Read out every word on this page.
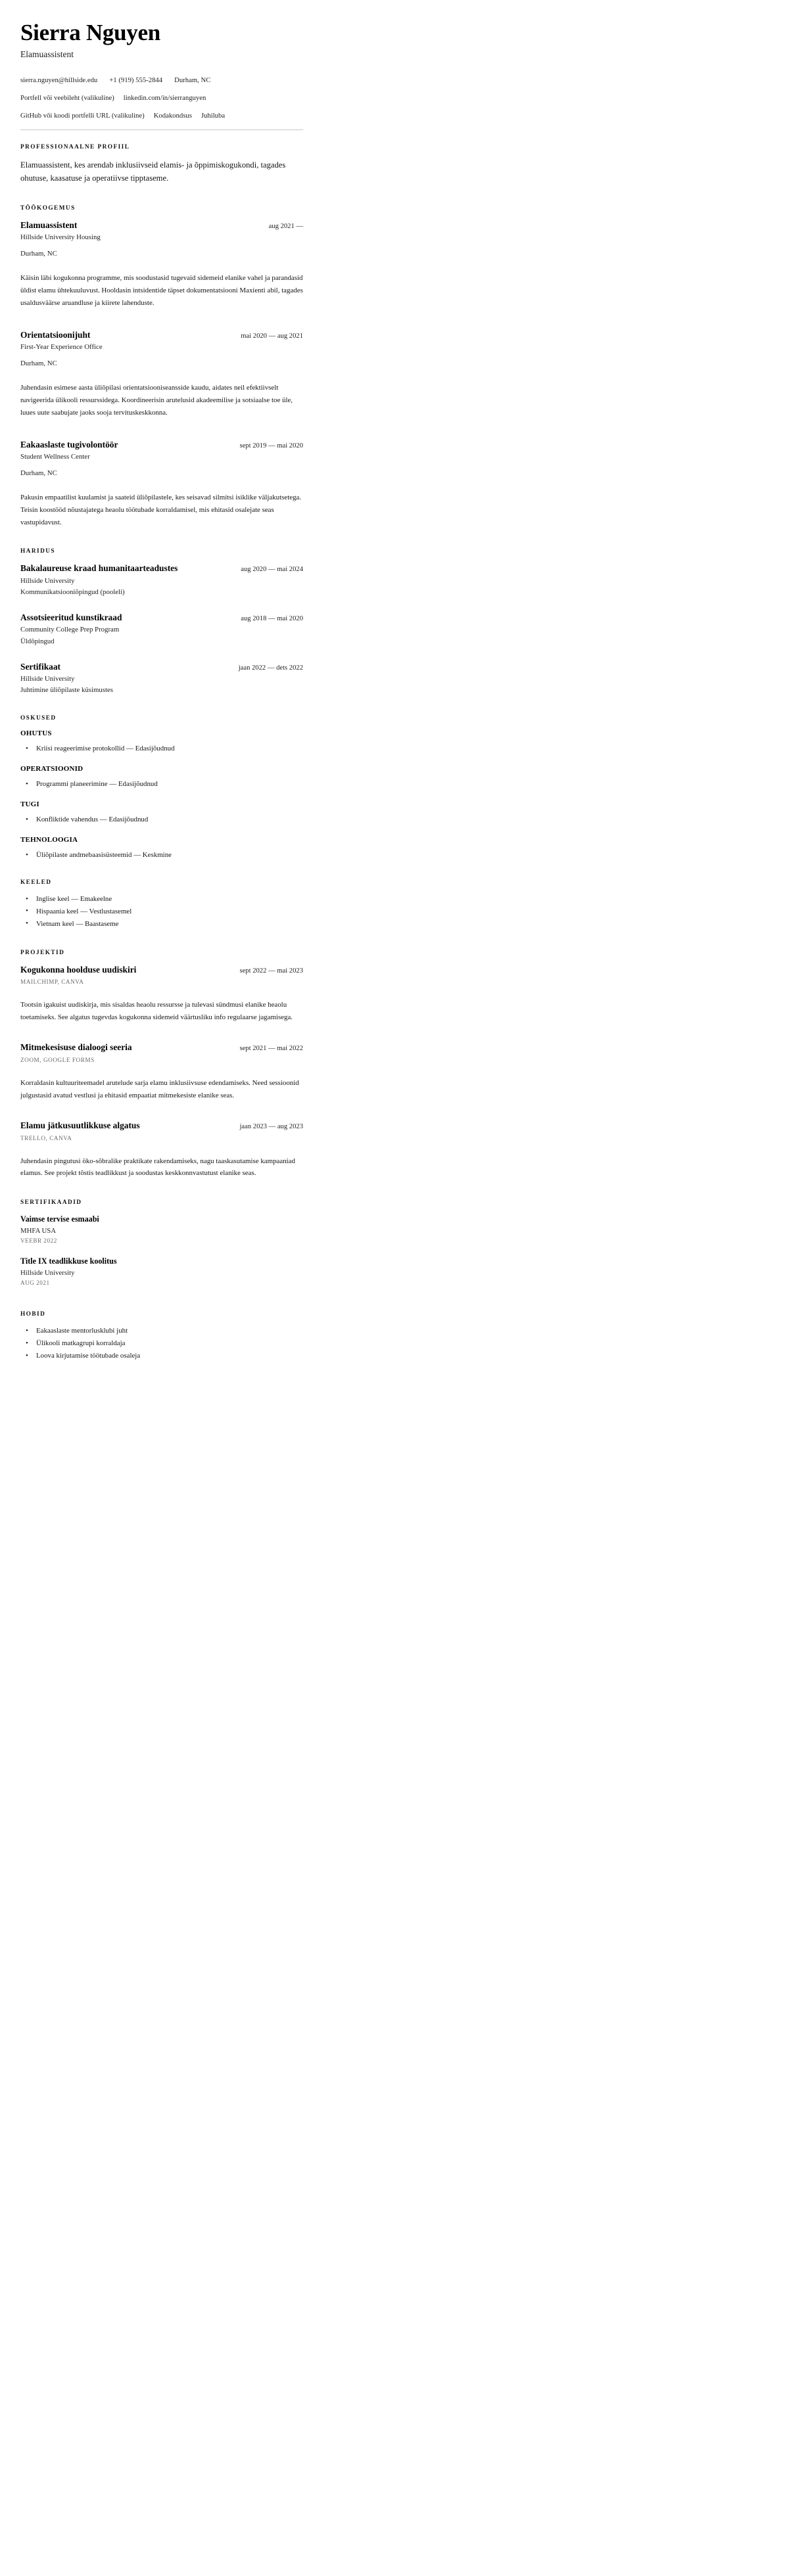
Sierra Nguyen
Elamuassistent
sierra.nguyen@hillside.edu +1 (919) 555-2844 Durham, NC
Portfell või veebileht (valikuline) linkedin.com/in/sierranguyen
GitHub või koodi portfelli URL (valikuline) Kodakondsus Juhiluba
PROFESSIONAALNE PROFIIL

Elamuassistent, kes arendab inklusiivseid elamis- ja õppimiskogukondi, tagades ohutuse, kaasatuse ja operatiivse tipptaseme.

TÖÖKOGEMUS
Elamuassistent	aug 2021 —

Hillside University Housing

Durham, NC

Käisin läbi kogukonna programme, mis soodustasid tugevaid sidemeid elanike vahel ja parandasid üldist elamu ühtekuuluvust. Hooldasin intsidentide täpset dokumentatsiooni Maxienti abil, tagades usaldusväärse aruandluse ja kiirete lahenduste.

Orientatsioonijuht	mai 2020 — aug 2021

First-Year Experience Office

Durham, NC

Juhendasin esimese aasta üliõpilasi orientatsiooniseansside kaudu, aidates neil efektiivselt navigeerida ülikooli ressurssidega. Koordineerisin arutelusid akadeemilise ja sotsiaalse toe üle, luues uute saabujate jaoks sooja tervituskeskkonna.

Eakaaslaste tugivolontöör	sept 2019 — mai 2020

Student Wellness Center

Durham, NC

Pakusin empaatilist kuulamist ja saateid üliõpilastele, kes seisavad silmitsi isiklike väljakutsetega. Teisin koostööd nõustajatega heaolu töötubade korraldamisel, mis ehitasid osalejate seas vastupidavust.

HARIDUS
Bakalaureuse kraad humanitaarteadustes	aug 2020 — mai 2024

Hillside University

Kommunikatsiooniõpingud (pooleli)

Assotsieeritud kunstikraad	aug 2018 — mai 2020

Community College Prep Program

Üldõpingud

Sertifikaat	jaan 2022 — dets 2022

Hillside University

Juhtimine üliõpilaste küsimustes

OSKUSED
OHUTUS
• Kriisi reageerimise protokollid — Edasijõudnud
OPERATSIOONID
• Programmi planeerimine — Edasijõudnud
TUGI
• Konfliktide vahendus — Edasijõudnud
TEHNOLOOGIA
• Üliõpilaste andmebaasisüsteemid — Keskmine
KEELED
• Inglise keel — Emakeelne
• Hispaania keel — Vestlustasemel
• Vietnam keel — Baastaseme
PROJEKTID
Kogukonna hoolduse uudiskiri	sept 2022 — mai 2023

MAILCHIMP, CANVA

Tootsin igakuist uudiskirja, mis sisaldas heaolu ressursse ja tulevasi sündmusi elanike heaolu toetamiseks. See algatus tugevdas kogukonna sidemeid väärtusliku info regulaarse jagamisega.

Mitmekesisuse dialoogi seeria	sept 2021 — mai 2022

ZOOM, GOOGLE FORMS

Korraldasin kultuuriteemadel arutelude sarja elamu inklusiivsuse edendamiseks. Need sessioonid julgustasid avatud vestlusi ja ehitasid empaatiat mitmekesiste elanike seas.

Elamu jätkusuutlikkuse algatus	jaan 2023 — aug 2023

TRELLO, CANVA

Juhendasin pingutusi öko-sõbralike praktikate rakendamiseks, nagu taaskasutamise kampaaniad elamus. See projekt tõstis teadlikkust ja soodustas keskkonnvastutust elanike seas.

SERTIFIKAADID
Vaimse tervise esmaabi

MHFA USA

VEEBR 2022

Title IX teadlikkuse koolitus

Hillside University

AUG 2021

HOBID
• Eakaaslaste mentorlusklubi juht
• Ülikooli matkagrupi korraldaja
• Loova kirjutamise töötubade osaleja
